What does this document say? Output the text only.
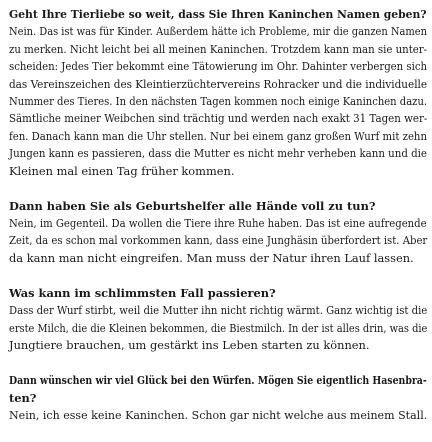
Geht Ihre Tierliebe so weit, dass Sie Ihren Kaninchen Namen geben?

Nein. Das ist was für Kinder. Außerdem hätte ich Probleme, mir die ganzen Namen
zu merken. Nicht leicht bei all meinen Kaninchen. Trotzdem kann man sie unter-
scheiden: Jedes Tier bekommt eine Tätowierung im Ohr. Dahinter verbergen sich
das Vereinszeichen des Kleintierzüchtervereins Rohracker und die individuelle
Nummer des Tieres. In den nächsten Tagen kommen noch einige Kaninchen dazu.
Sämtliche meiner Weibchen sind trächtig und werden nach exakt 31 Tagen wer-
fen. Danach kann man die Uhr stellen. Nur bei einem ganz großen Wurf mit zehn
Jungen kann es passieren, dass die Mutter es nicht mehr verheben kann und die
Kleinen mal einen Tag früher kommen.

Dann haben Sie als Geburtshelfer alle Hände voll zu tun?

Nein, im Gegenteil. Da wollen die Tiere ihre Ruhe haben. Das ist eine aufregende
Zeit, da es schon mal vorkommen kann, dass eine Junghäsin überfordert ist. Aber
da kann man nicht eingreifen. Man muss der Natur ihren Lauf lassen.

Was kann im schlimmsten Fall passieren?

Dass der Wurf stirbt, weil die Mutter ihn nicht richtig wärmt. Ganz wichtig ist die
erste Milch, die die Kleinen bekommen, die Biestmilch. In der ist alles drin, was die
Jungtiere brauchen, um gestärkt ins Leben starten zu können.

Dann wünschen wir viel Glück bei den Würfen. Mögen Sie eigentlich Hasenbra-
ten?

Nein, ich esse keine Kaninchen. Schon gar nicht welche aus meinem Stall.
